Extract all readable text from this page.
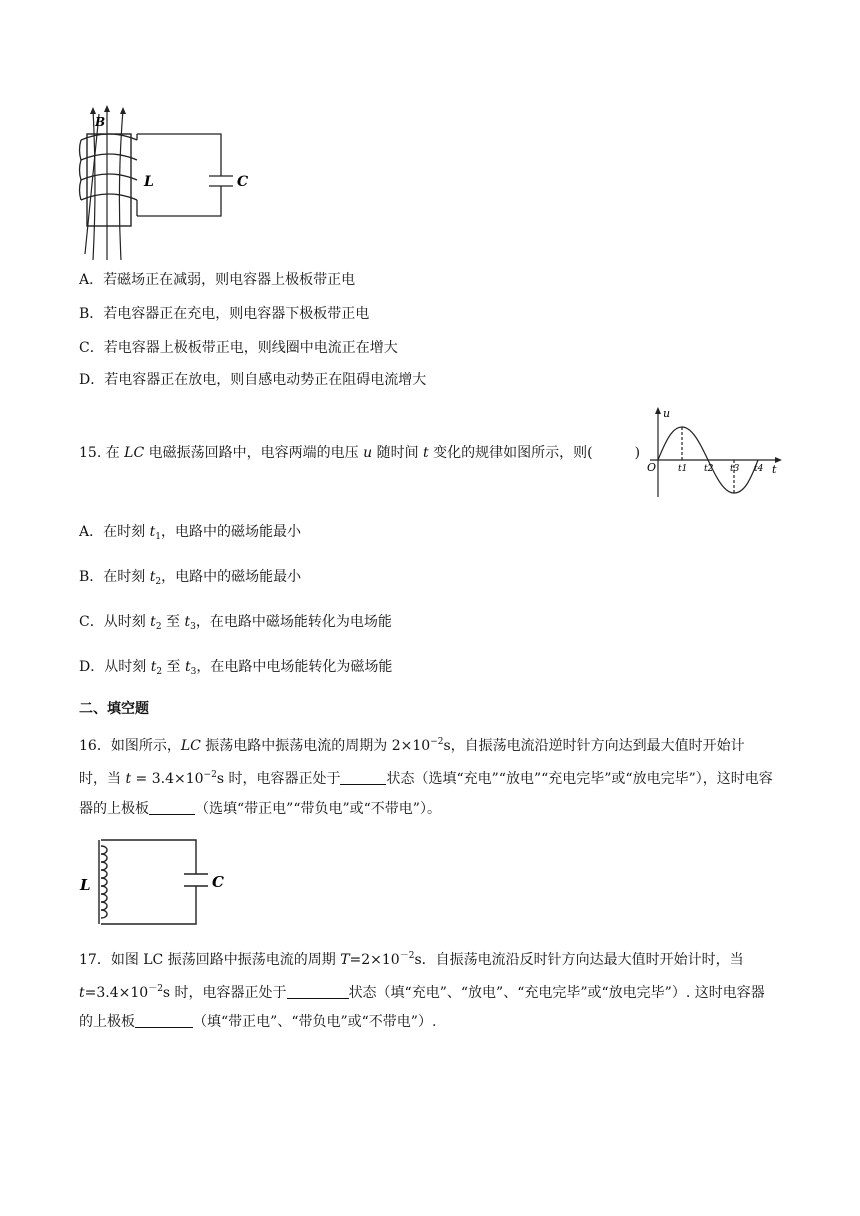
B
L	C
A．若磁场正在减弱，则电容器上极板带正电
B．若电容器正在充电，则电容器下极板带正电
C．若电容器上极板带正电，则线圈中电流正在增大
D．若电容器正在放电，则自感电动势正在阻碍电流增大
15. 在 LC 电磁振荡回路中，电容两端的电压 u 随时间 t 变化的规律如图所示，则(　　　)
u
O	t
t1 t2 t3 t4
A．在时刻 $t_1$，电路中的磁场能最小
B．在时刻 $t_2$，电路中的磁场能最小
C．从时刻 $t_2$ 至 $t_3$，在电路中磁场能转化为电场能
D．从时刻 $t_2$ 至 $t_3$，在电路中电场能转化为磁场能
二、填空题
16．如图所示，LC 振荡电路中振荡电流的周期为 $2\times 10^{-2}s$，自振荡电流沿逆时针方向达到最大值时开始计
时，当 $t = 3.4\times 10^{-2}s$ 时，电容器正处于	状态（选填“充电”“放电”“充电完毕”或“放电完毕”），这时电容
器的上极板	（选填“带正电”“带负电”或“不带电”）。
L	C
17．如图 LC 振荡回路中振荡电流的周期 $T=2\times 10^{-2}s$．自振荡电流沿反时针方向达最大值时开始计时，当
$t=3.4\times 10^{-2}s$ 时，电容器正处于	状态（填“充电”、“放电”、“充电完毕”或“放电完毕”）. 这时电容器
的上极板	（填“带正电”、“带负电”或“不带电”）.
